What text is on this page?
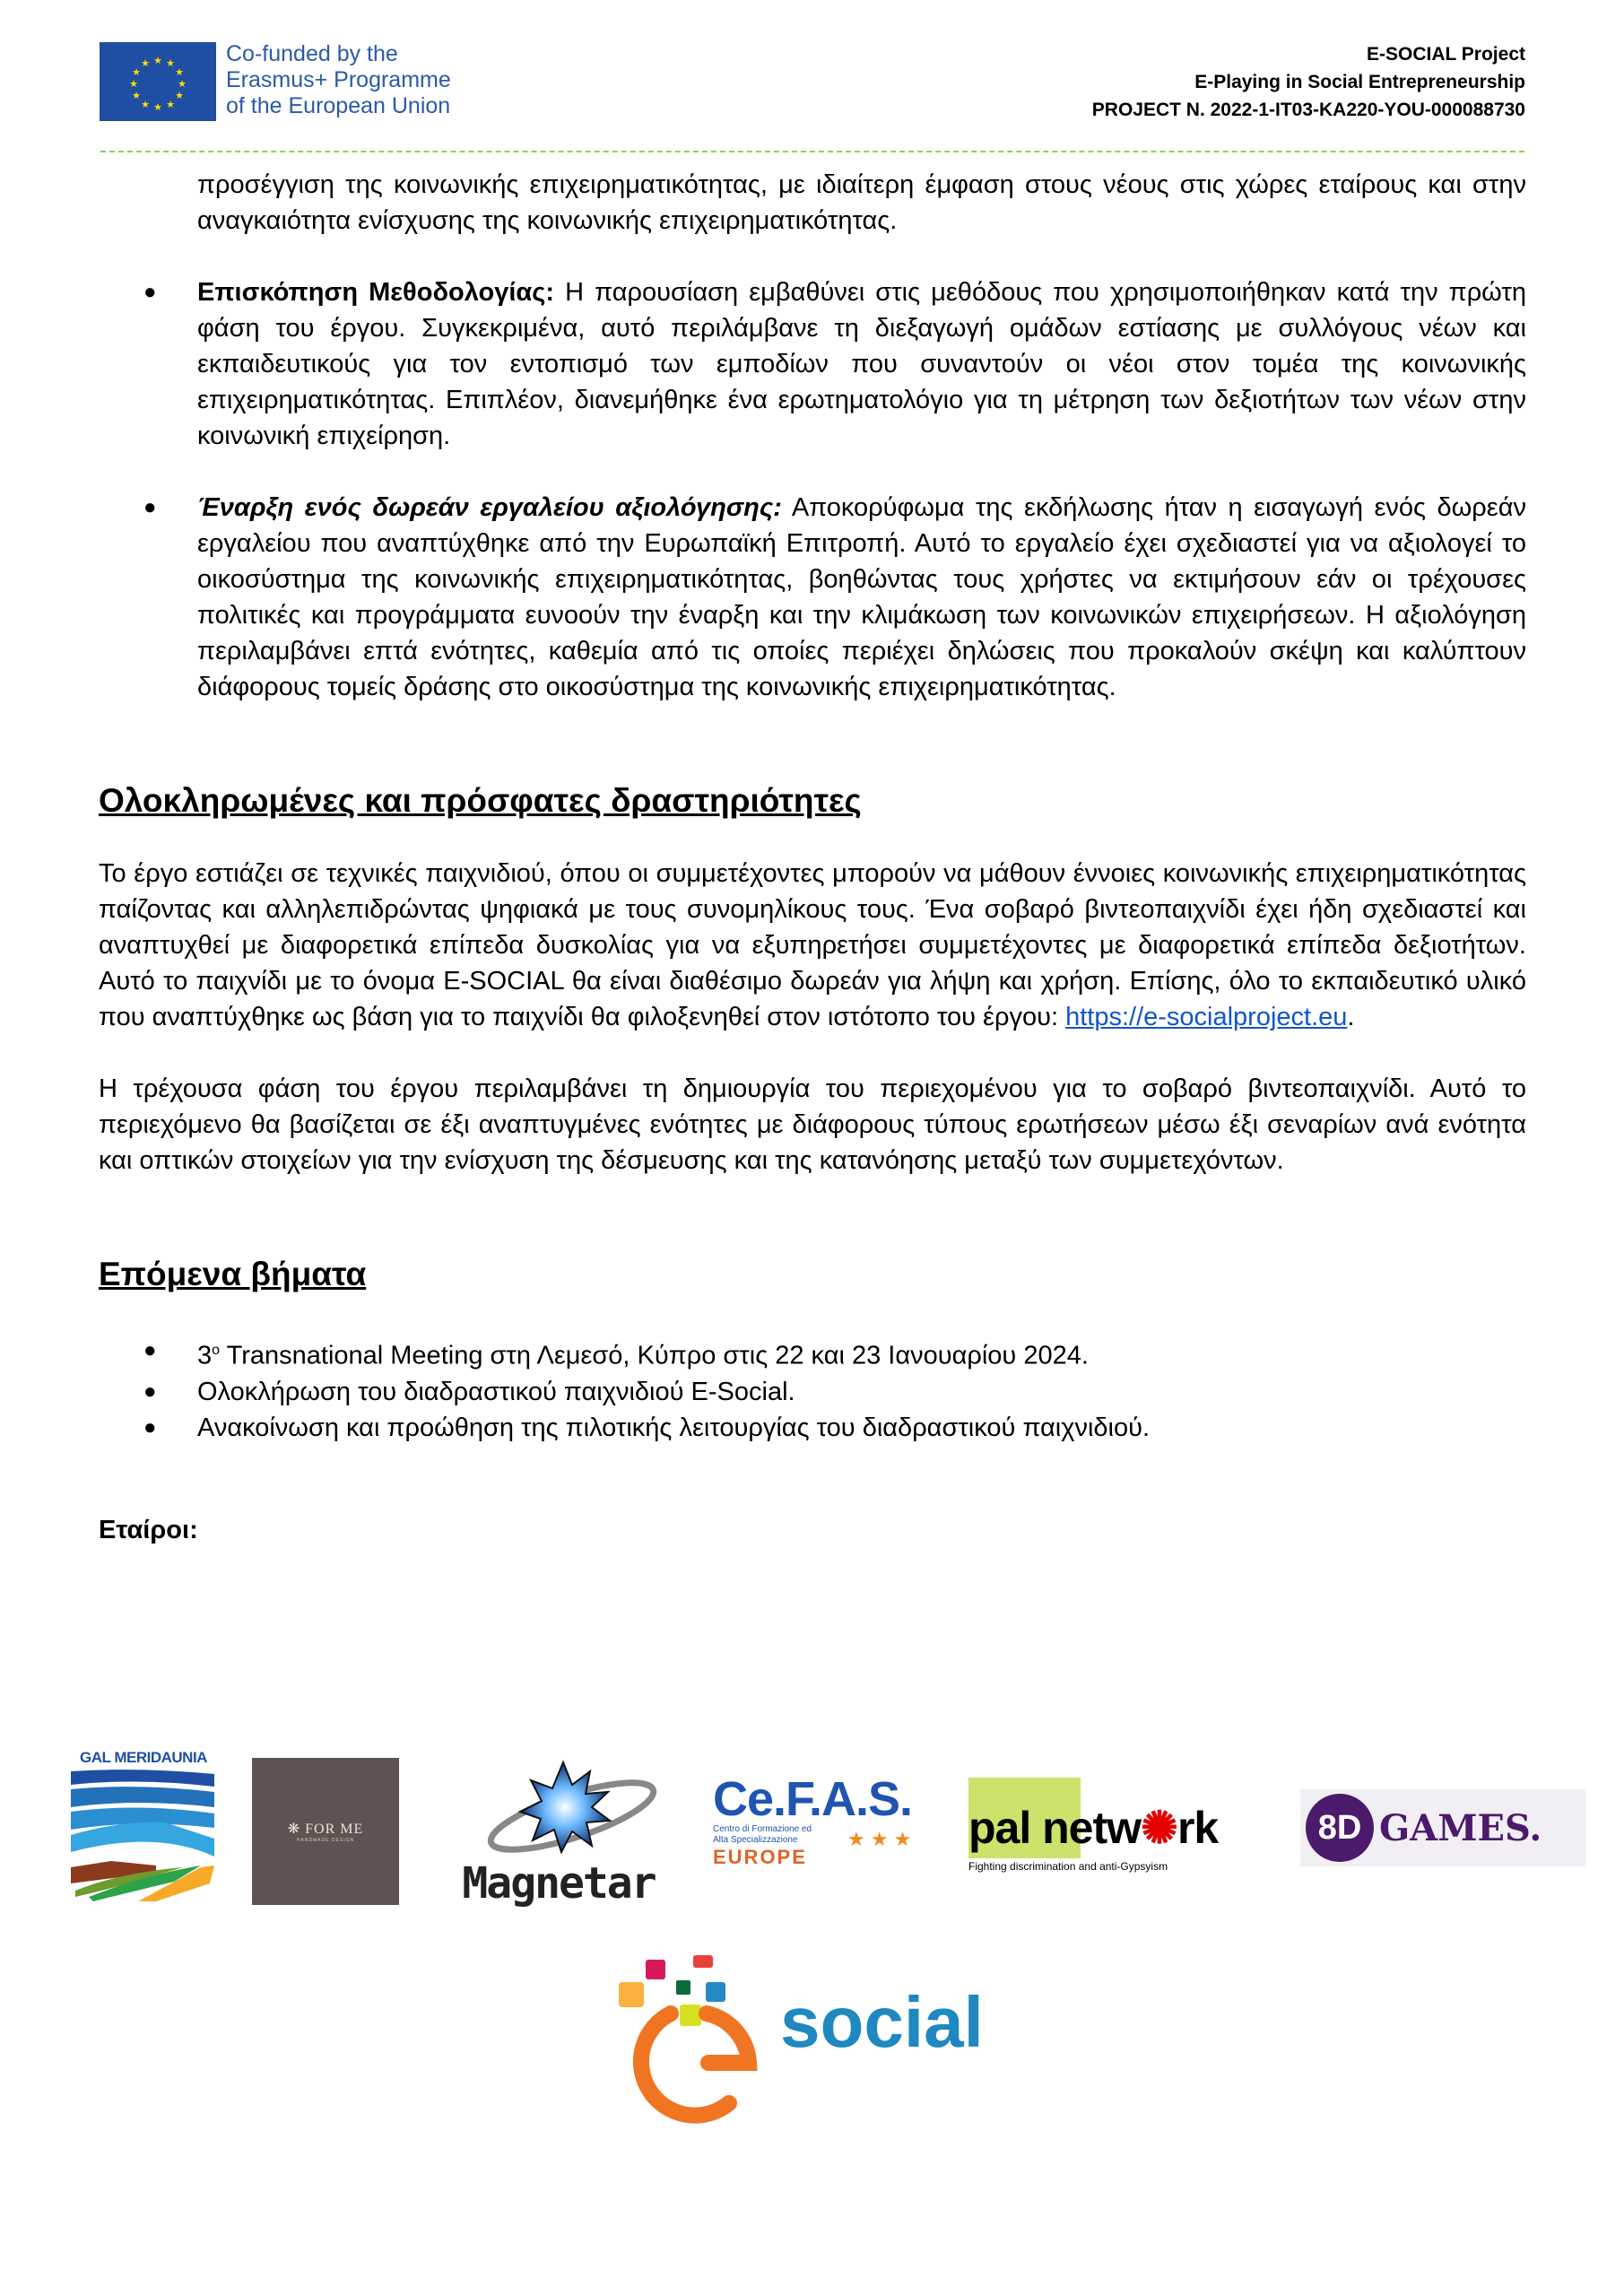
★ ★
★
★
★
★
★
★
★
★
★
★	Co-funded by the
Erasmus+ Programme
of the European Union
E-SOCIAL Project
E-Playing in Social Entrepreneurship
PROJECT N. 2022-1-IT03-KA220-YOU-000088730

προσέγγιση της κοινωνικής επιχειρηματικότητας, με ιδιαίτερη έμφαση στους νέους στις χώρες εταίρους και στην αναγκαιότητα ενίσχυσης της κοινωνικής επιχειρηματικότητας.

● Επισκόπηση Μεθοδολογίας: Η παρουσίαση εμβαθύνει στις μεθόδους που χρησιμοποιήθηκαν κατά την πρώτη φάση του έργου. Συγκεκριμένα, αυτό περιλάμβανε τη διεξαγωγή ομάδων εστίασης με συλλόγους νέων και εκπαιδευτικούς για τον εντοπισμό των εμποδίων που συναντούν οι νέοι στον τομέα της κοινωνικής επιχειρηματικότητας. Επιπλέον, διανεμήθηκε ένα ερωτηματολόγιο για τη μέτρηση των δεξιοτήτων των νέων στην κοινωνική επιχείρηση.
● Έναρξη ενός δωρεάν εργαλείου αξιολόγησης: Αποκορύφωμα της εκδήλωσης ήταν η εισαγωγή ενός δωρεάν εργαλείου που αναπτύχθηκε από την Ευρωπαϊκή Επιτροπή. Αυτό το εργαλείο έχει σχεδιαστεί για να αξιολογεί το οικοσύστημα της κοινωνικής επιχειρηματικότητας, βοηθώντας τους χρήστες να εκτιμήσουν εάν οι τρέχουσες πολιτικές και προγράμματα ευνοούν την έναρξη και την κλιμάκωση των κοινωνικών επιχειρήσεων. Η αξιολόγηση περιλαμβάνει επτά ενότητες, καθεμία από τις οποίες περιέχει δηλώσεις που προκαλούν σκέψη και καλύπτουν διάφορους τομείς δράσης στο οικοσύστημα της κοινωνικής επιχειρηματικότητας.
Ολοκληρωμένες και πρόσφατες δραστηριότητες

Το έργο εστιάζει σε τεχνικές παιχνιδιού, όπου οι συμμετέχοντες μπορούν να μάθουν έννοιες κοινωνικής επιχειρηματικότητας παίζοντας και αλληλεπιδρώντας ψηφιακά με τους συνομηλίκους τους. Ένα σοβαρό βιντεοπαιχνίδι έχει ήδη σχεδιαστεί και αναπτυχθεί με διαφορετικά επίπεδα δυσκολίας για να εξυπηρετήσει συμμετέχοντες με διαφορετικά επίπεδα δεξιοτήτων. Αυτό το παιχνίδι με το όνομα E-SOCIAL θα είναι διαθέσιμο δωρεάν για λήψη και χρήση. Επίσης, όλο το εκπαιδευτικό υλικό που αναπτύχθηκε ως βάση για το παιχνίδι θα φιλοξενηθεί στον ιστότοπο του έργου: https://e-socialproject.eu.

Η τρέχουσα φάση του έργου περιλαμβάνει τη δημιουργία του περιεχομένου για το σοβαρό βιντεοπαιχνίδι. Αυτό το περιεχόμενο θα βασίζεται σε έξι αναπτυγμένες ενότητες με διάφορους τύπους ερωτήσεων μέσω έξι σεναρίων ανά ενότητα και οπτικών στοιχείων για την ενίσχυση της δέσμευσης και της κατανόησης μεταξύ των συμμετεχόντων.

Επόμενα βήματα
● 3$^o$ Transnational Meeting στη Λεμεσό, Κύπρο στις 22 και 23 Ιανουαρίου 2024.
● Ολοκλήρωση του διαδραστικού παιχνιδιού E-Social.
● Ανακοίνωση και προώθηση της πιλοτικής λειτουργίας του διαδραστικού παιχνιδιού.
Εταίροι:
GAL MERIDAUNIA
❋ FOR ME
HANDMADE DESIGN
Magnetar
Ce.F.A.S.
Centro di Formazione ed
Alta Specializzazione
EUROPE
★ ★ ★ pal netw✺rk
Fighting discrimination and anti-Gypsyism
8D GAMES.
social
